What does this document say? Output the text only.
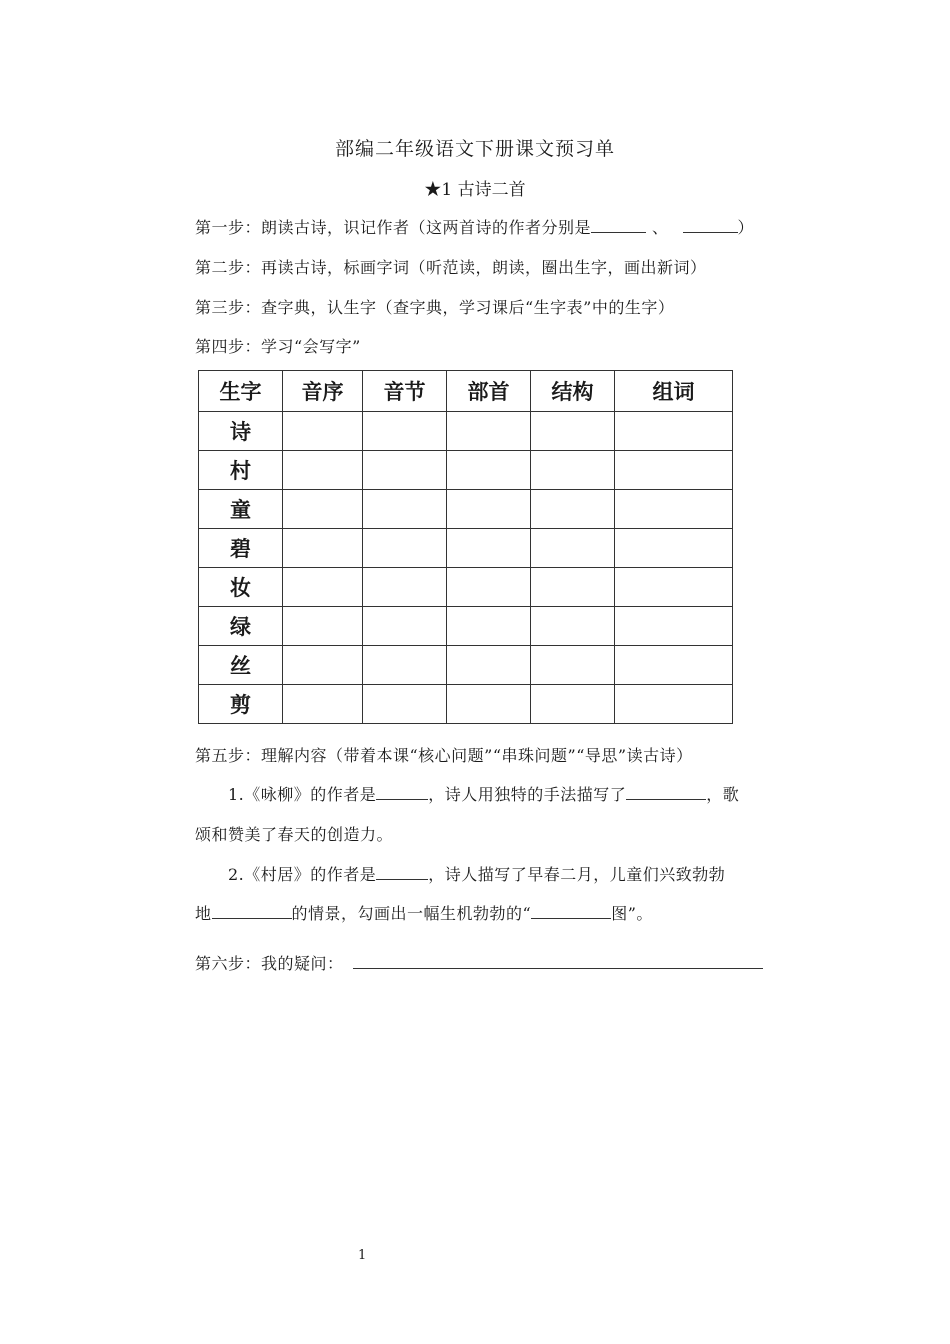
部编二年级语文下册课文预习单
★1 古诗二首
第一步：朗读古诗，识记作者（这两首诗的作者分别是	、	）
第二步：再读古诗，标画字词（听范读，朗读，圈出生字，画出新词）
第三步：查字典，认生字（查字典，学习课后“生字表”中的生字）
第四步：学习“会写字”
生字	音序	音节	部首	结构	组词
诗					
村					
童					
碧					
妆					
绿					
丝					
剪					
第五步：理解内容（带着本课“核心问题”“串珠问题”“导思”读古诗）
1.《咏柳》的作者是	，诗人用独特的手法描写了	，歌
颂和赞美了春天的创造力。
2.《村居》的作者是	，诗人描写了早春二月，儿童们兴致勃勃
地	的情景，勾画出一幅生机勃勃的“	图”。
第六步：我的疑问：
1
